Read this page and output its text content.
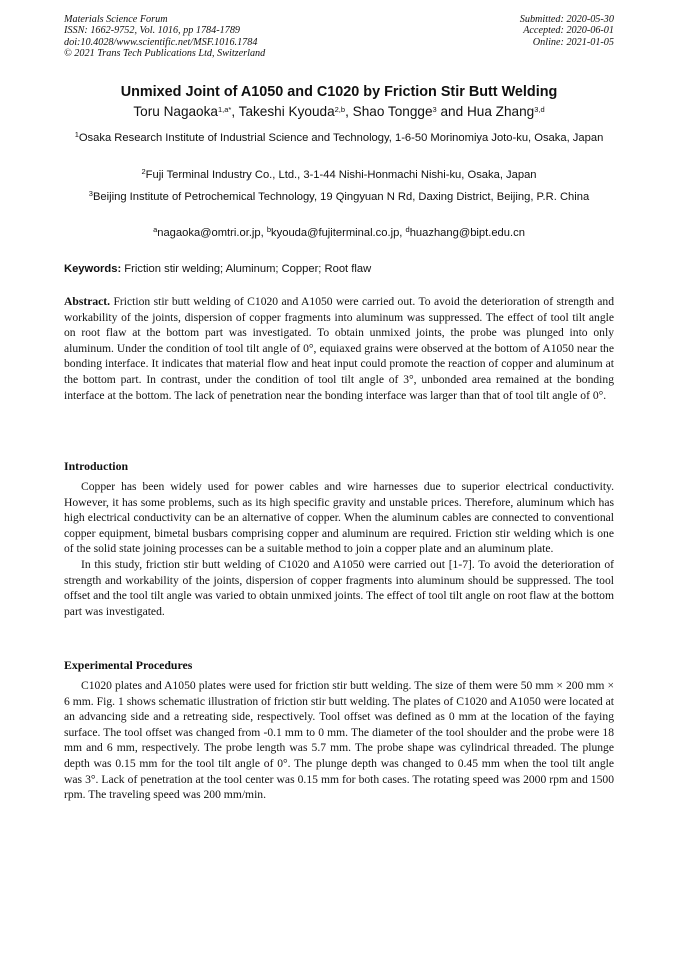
Materials Science Forum
ISSN: 1662-9752, Vol. 1016, pp 1784-1789
doi:10.4028/www.scientific.net/MSF.1016.1784
© 2021 Trans Tech Publications Ltd, Switzerland
Submitted: 2020-05-30
Accepted: 2020-06-01
Online: 2021-01-05
Unmixed Joint of A1050 and C1020 by Friction Stir Butt Welding
Toru Nagaoka$^{1,a*}$, Takeshi Kyouda$^{2,b}$, Shao Tongge$^3$ and Hua Zhang$^{3,d}$
$^1$Osaka Research Institute of Industrial Science and Technology, 1-6-50 Morinomiya Joto-ku, Osaka, Japan
$^2$Fuji Terminal Industry Co., Ltd., 3-1-44 Nishi-Honmachi Nishi-ku, Osaka, Japan
$^3$Beijing Institute of Petrochemical Technology, 19 Qingyuan N Rd, Daxing District, Beijing, P.R. China
$^a$nagaoka@omtri.or.jp, $^b$kyouda@fujiterminal.co.jp, $^d$huazhang@bipt.edu.cn
Keywords: Friction stir welding; Aluminum; Copper; Root flaw

Abstract. Friction stir butt welding of C1020 and A1050 were carried out. To avoid the deterioration of strength and workability of the joints, dispersion of copper fragments into aluminum was suppressed. The effect of tool tilt angle on root flaw at the bottom part was investigated. To obtain unmixed joints, the probe was plunged into only aluminum. Under the condition of tool tilt angle of 0°, equiaxed grains were observed at the bottom of A1050 near the bonding interface. It indicates that material flow and heat input could promote the reaction of copper and aluminum at the bottom part. In contrast, under the condition of tool tilt angle of 3°, unbonded area remained at the bonding interface at the bottom. The lack of penetration near the bonding interface was larger than that of tool tilt angle of 0°.

Introduction

Copper has been widely used for power cables and wire harnesses due to superior electrical conductivity. However, it has some problems, such as its high specific gravity and unstable prices. Therefore, aluminum which has high electrical conductivity can be an alternative of copper. When the aluminum cables are connected to conventional copper equipment, bimetal busbars comprising copper and aluminum are required. Friction stir welding which is one of the solid state joining processes can be a suitable method to join a copper plate and an aluminum plate.

In this study, friction stir butt welding of C1020 and A1050 were carried out [1-7]. To avoid the deterioration of strength and workability of the joints, dispersion of copper fragments into aluminum should be suppressed. The tool offset and the tool tilt angle was varied to obtain unmixed joints. The effect of tool tilt angle on root flaw at the bottom part was investigated.

Experimental Procedures

C1020 plates and A1050 plates were used for friction stir butt welding. The size of them were 50 mm × 200 mm × 6 mm. Fig. 1 shows schematic illustration of friction stir butt welding. The plates of C1020 and A1050 were located at an advancing side and a retreating side, respectively. Tool offset was defined as 0 mm at the location of the faying surface. The tool offset was changed from -0.1 mm to 0 mm. The diameter of the tool shoulder and the probe were 18 mm and 6 mm, respectively. The probe length was 5.7 mm. The probe shape was cylindrical threaded. The plunge depth was 0.15 mm for the tool tilt angle of 0°. The plunge depth was changed to 0.45 mm when the tool tilt angle was 3°. Lack of penetration at the tool center was 0.15 mm for both cases. The rotating speed was 2000 rpm and 1500 rpm. The traveling speed was 200 mm/min.
